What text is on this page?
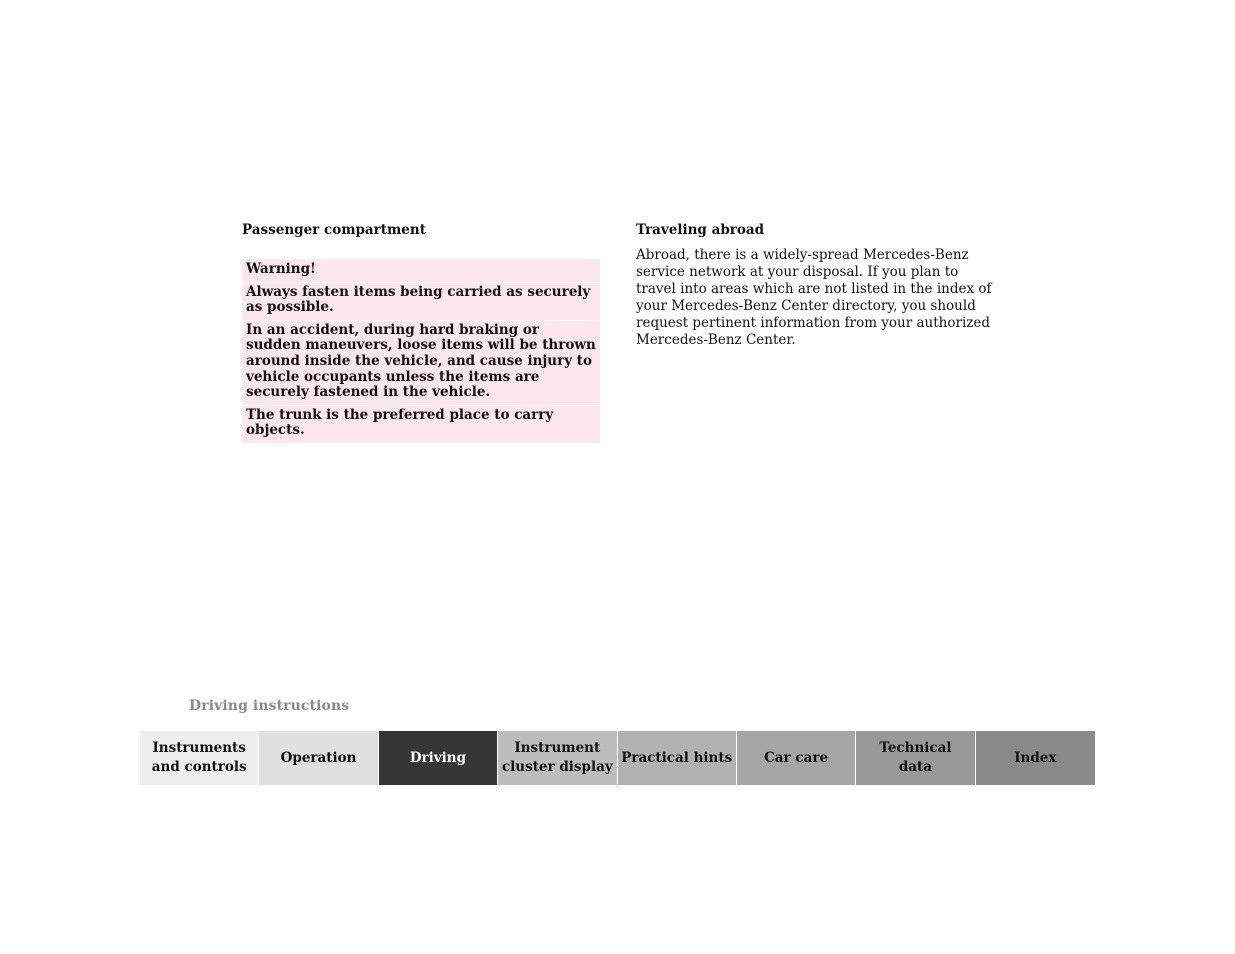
Passenger compartment

Warning!

Always fasten items being carried as securely as possible.

In an accident, during hard braking or sudden maneuvers, loose items will be thrown around inside the vehicle, and cause injury to vehicle occupants unless the items are securely fastened in the vehicle.

The trunk is the preferred place to carry objects.

Traveling abroad

Abroad, there is a widely-spread Mercedes-Benz service network at your disposal. If you plan to travel into areas which are not listed in the index of your Mercedes-Benz Center directory, you should request pertinent information from your authorized Mercedes-Benz Center.

Driving instructions
Instruments
and controls
Operation	Driving
Instrument
cluster display
Practical hints	Car care
Technical
data
Index
